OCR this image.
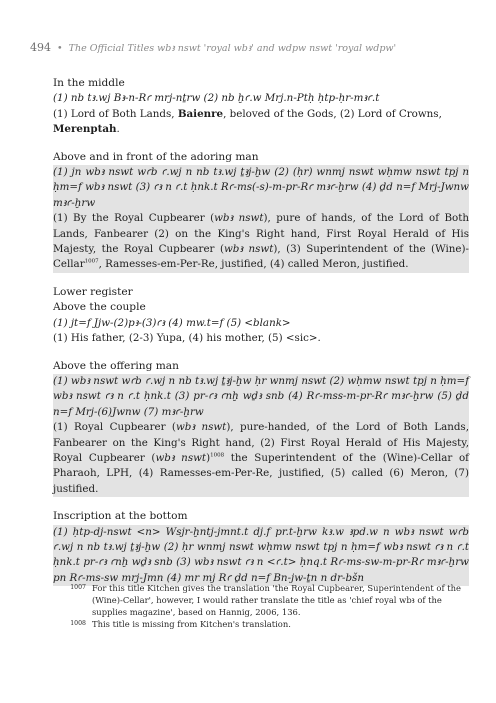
494 • The Official Titles wbꜣ nswt 'royal wbꜣ' and wdpw nswt 'royal wdpw'
In the middle
(1) nb tꜣ.wj Bꜣ-n-Rꜥ mrj-nṯrw (2) nb ḫꜥ.w Mrj.n-Ptḥ ḥtp-ḥr-mꜣꜥ.t
(1) Lord of Both Lands, Baienre, beloved of the Gods, (2) Lord of Crowns, Merenptah.
Above and in front of the adoring man
(1) jn wbꜣ nswt wꜥb ꜥ.wj n nb tꜣ.wj ṯꜣj-ḫw (2) (ḥr) wnmj nswt wḥmw nswt tpj n ḥm=f wbꜣ nswt (3) ꜥꜣ n ꜥ.t ḥnk.t Rꜥ-ms(-s)-m-pr-Rꜥ mꜣꜥ-ḫrw (4) ḏd n=f Mrj-Jwnw mꜣꜥ-ḫrw
(1) By the Royal Cupbearer (wbꜣ nswt), pure of hands, of the Lord of Both Lands, Fanbearer (2) on the King's Right hand, First Royal Herald of His Majesty, the Royal Cupbearer (wbꜣ nswt), (3) Superintendent of the (Wine)-Cellar$^{1007}$, Ramesses-em-Per-Re, justified, (4) called Meron, justified.
Lower register
Above the couple
(1) jt=f Jjw-(2)pꜣ-(3)ꜥꜣ (4) mw.t=f (5) <blank>
(1) His father, (2-3) Yupa, (4) his mother, (5) <sic>.
Above the offering man
(1) wbꜣ nswt wꜥb ꜥ.wj n nb tꜣ.wj ṯꜣj-ḫw ḥr wnmj nswt (2) wḥmw nswt tpj n ḥm=f wbꜣ nswt ꜥꜣ n ꜥ.t ḥnk.t (3) pr-ꜥꜣ ꜥnḫ wḏꜣ snb (4) Rꜥ-mss-m-pr-Rꜥ mꜣꜥ-ḫrw (5) ḏd n=f Mrj-(6)Jwnw (7) mꜣꜥ-ḫrw
(1) Royal Cupbearer (wbꜣ nswt), pure-handed, of the Lord of Both Lands, Fanbearer on the King's Right hand, (2) First Royal Herald of His Majesty, Royal Cupbearer (wbꜣ nswt)$^{1008}$ the Superintendent of the (Wine)-Cellar of Pharaoh, LPH, (4) Ramesses-em-Per-Re, justified, (5) called (6) Meron, (7) justified.
Inscription at the bottom
(1) ḥtp-dj-nswt <n> Wsjr-ḫntj-jmnt.t dj.f pr.t-ḫrw kꜣ.w ꜣpd.w n wbꜣ nswt wꜥb ꜥ.wj n nb tꜣ.wj ṯꜣj-ḫw (2) ḥr wnmj nswt wḥmw nswt tpj n ḥm=f wbꜣ nswt ꜥꜣ n ꜥ.t ḥnk.t pr-ꜥꜣ ꜥnḫ wḏꜣ snb (3) wbꜣ nswt ꜥꜣ n <ꜥ.t> ḥnq.t Rꜥ-ms-sw-m-pr-Rꜥ mꜣꜥ-ḫrw pn Rꜥ-ms-sw mrj-Jmn (4) mr mj Rꜥ ḏd n=f Bn-jw-ṯn n dr-bšn
1007 For this title Kitchen gives the translation 'the Royal Cupbearer, Superintendent of the (Wine)-Cellar', however, I would rather translate the title as 'chief royal wbꜣ of the supplies magazine', based on Hannig, 2006, 136.
1008 This title is missing from Kitchen's translation.
